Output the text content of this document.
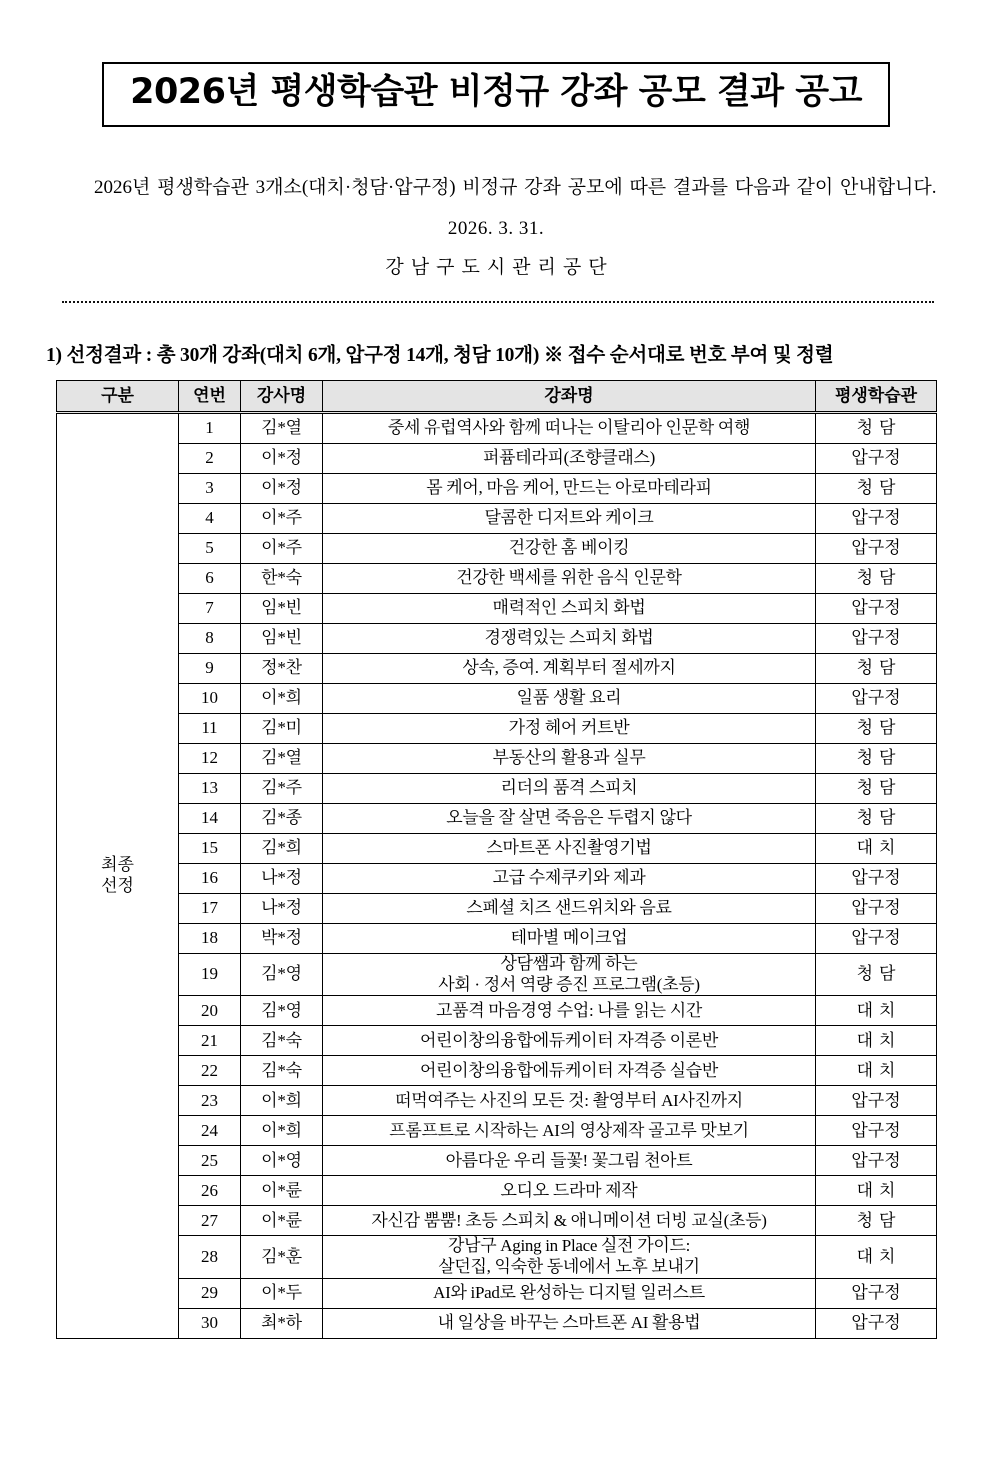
2026년 평생학습관 비정규 강좌 공모 결과 공고

2026년 평생학습관 3개소(대치·청담·압구정) 비정규 강좌 공모에 따른 결과를 다음과 같이 안내합니다.

2026. 3. 31.
강남구도시관리공단
1) 선정결과 : 총 30개 강좌(대치 6개, 압구정 14개, 청담 10개) ※ 접수 순서대로 번호 부여 및 정렬
구분	연번	강사명	강좌명	평생학습관

최종
선정	1	김*열	중세 유럽역사와 함께 떠나는 이탈리아 인문학 여행	청담
	2	이*정	퍼퓸테라피(조향클래스)	압구정
	3	이*정	몸 케어, 마음 케어, 만드는 아로마테라피	청담
	4	이*주	달콤한 디저트와 케이크	압구정
	5	이*주	건강한 홈 베이킹	압구정
	6	한*숙	건강한 백세를 위한 음식 인문학	청담
	7	임*빈	매력적인 스피치 화법	압구정
	8	임*빈	경쟁력있는 스피치 화법	압구정
	9	정*찬	상속, 증여. 계획부터 절세까지	청담
	10	이*희	일품 생활 요리	압구정
	11	김*미	가정 헤어 커트반	청담
	12	김*열	부동산의 활용과 실무	청담
	13	김*주	리더의 품격 스피치	청담
	14	김*종	오늘을 잘 살면 죽음은 두렵지 않다	청담
	15	김*희	스마트폰 사진촬영기법	대치
	16	나*정	고급 수제쿠키와 제과	압구정
	17	나*정	스페셜 치즈 샌드위치와 음료	압구정
	18	박*정	테마별 메이크업	압구정
	19	김*영	상담쌤과 함께 하는
사회 · 정서 역량 증진 프로그램(초등)	청담
	20	김*영	고품격 마음경영 수업: 나를 읽는 시간	대치
	21	김*숙	어린이창의융합에듀케이터 자격증 이론반	대치
	22	김*숙	어린이창의융합에듀케이터 자격증 실습반	대치
	23	이*희	떠먹여주는 사진의 모든 것: 촬영부터 AI사진까지	압구정
	24	이*희	프롬프트로 시작하는 AI의 영상제작 골고루 맛보기	압구정
	25	이*영	아름다운 우리 들꽃! 꽃그림 천아트	압구정
	26	이*륜	오디오 드라마 제작	대치
	27	이*륜	자신감 뿜뿜! 초등 스피치 & 애니메이션 더빙 교실(초등)	청담
	28	김*훈	강남구 Aging in Place 실전 가이드:
살던집, 익숙한 동네에서 노후 보내기	대치
	29	이*두	AI와 iPad로 완성하는 디지털 일러스트	압구정
	30	최*하	내 일상을 바꾸는 스마트폰 AI 활용법	압구정
